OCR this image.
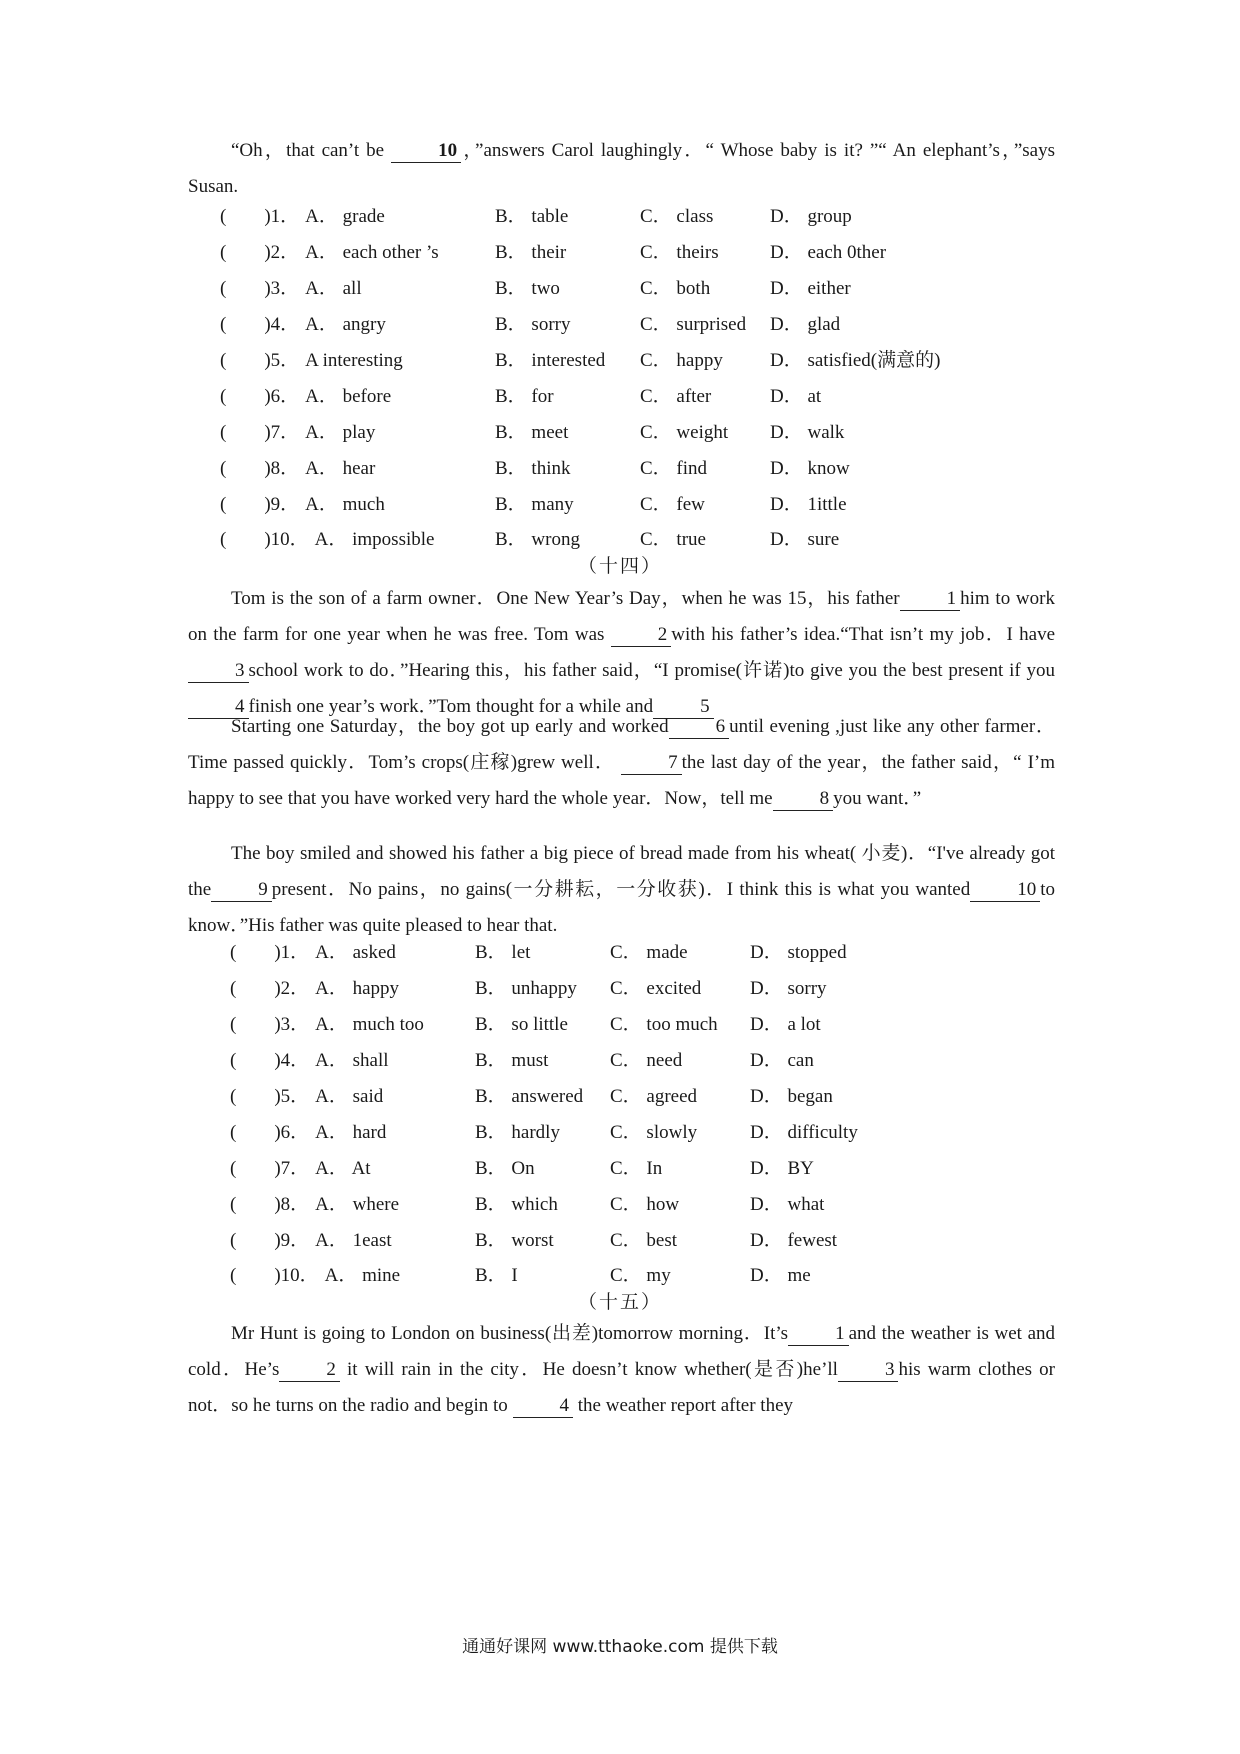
“Oh，that can’t be 10 ，”answers Carol laughingly．“ Whose baby is it? ”“ An elephant’s，”says Susan.

(        )1． A． grade	B． table	C． class	D． group
(        )2． A． each other ’s	B． their	C． theirs	D． each 0ther
(        )3． A． all	B． two	C． both	D． either
(        )4． A． angry	B． sorry	C． surprised	D． glad
(        )5． A interesting	B． interested	C． happy	D． satisfied(满意的)
(        )6． A． before	B． for	C． after	D． at
(        )7． A． play	B． meet	C． weight	D． walk
(        )8． A． hear	B． think	C． find	D． know
(        )9． A． much	B． many	C． few	D． 1ittle
(        )10． A． impossible	B． wrong	C． true	D． sure
（十四）

Tom is the son of a farm owner．One New Year’s Day，when he was 15，his father 1 him to work on the farm for one year when he was free. Tom was 2 with his father’s idea.“That isn’t my job．I have3 school work to do．”Hearing this，his father said，“I promise(许诺)to give you the best present if you4 finish one year’s work．”Tom thought for a while and 5

Starting one Saturday，the boy got up early and worked 6 until evening ,just like any other farmer．Time passed quickly．Tom’s crops(庄稼)grew well． 7 the last day of the year，the father said，“ I’m happy to see that you have worked very hard the whole year．Now，tell me 8 you want．”

The boy smiled and showed his father a big piece of bread made from his wheat( 小麦)．“I've already got the 9 present．No pains，no gains(一分耕耘，一分收获)．I think this is what you wanted 10 to know．”His father was quite pleased to hear that.

(        )1． A． asked	B． let	C． made	D． stopped
(        )2． A． happy	B． unhappy	C． excited	D． sorry
(        )3． A． much too	B． so little	C． too much	D． a lot
(        )4． A． shall	B． must	C． need	D． can
(        )5． A． said	B． answered	C． agreed	D． began
(        )6． A． hard	B． hardly	C． slowly	D． difficulty
(        )7． A． At	B． On	C． In	D． BY
(        )8． A． where	B． which	C． how	D． what
(        )9． A． 1east	B． worst	C． best	D． fewest
(        )10． A． mine	B． I	C． my	D． me
（十五）

Mr Hunt is going to London on business(出差)tomorrow morning．It’s 1 and the weather is wet and cold．He’s 2 it will rain in the city．He doesn’t know whether(是否)he’ll 3 his warm clothes or not．so he turns on the radio and begin to 4 the weather report after they

通通好课网 www.tthaoke.com 提供下载
